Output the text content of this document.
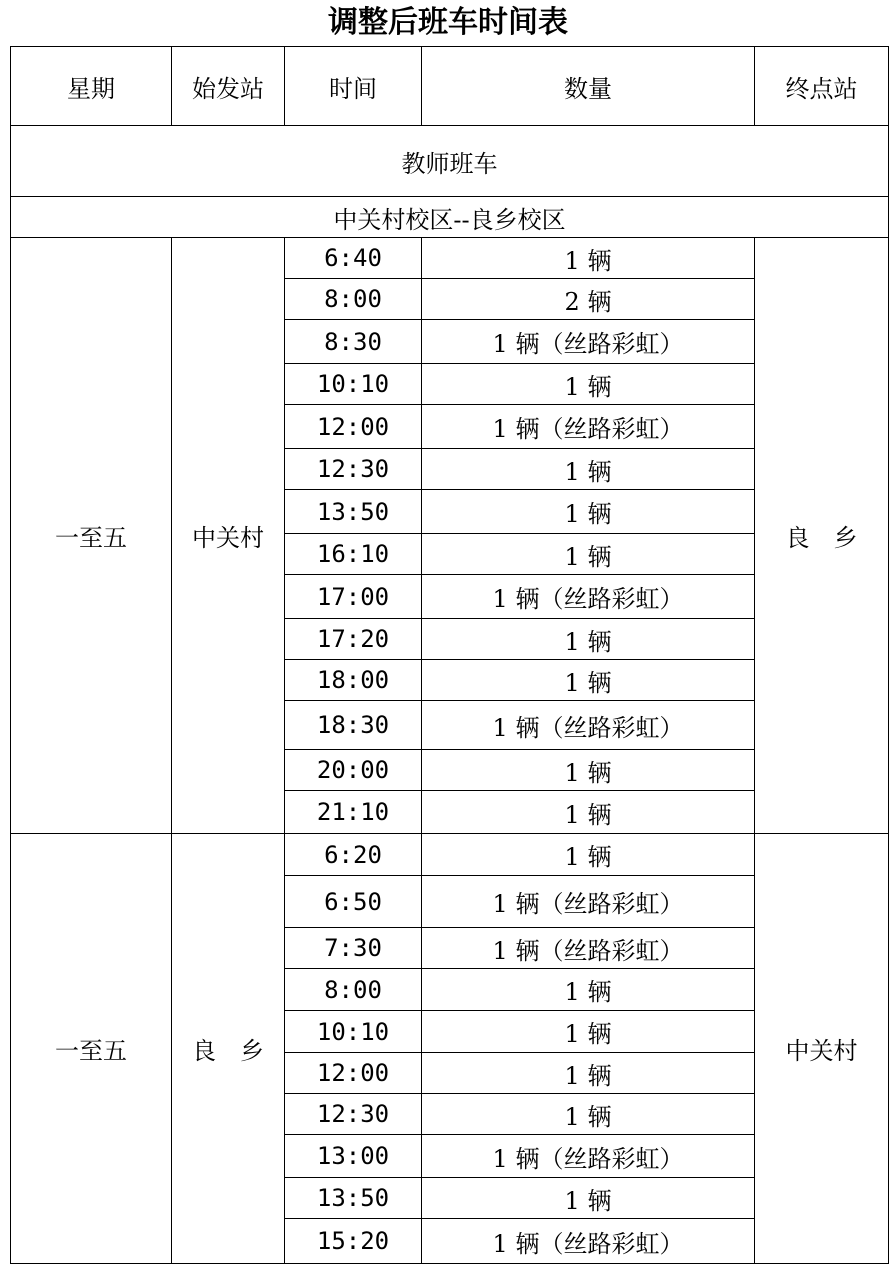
调整后班车时间表
星期	始发站	时间	数量	终点站
教师班车				
中关村校区--良乡校区				
一至五	中关村	6:40	1 辆	良　乡
		8:00	2 辆	
		8:30	1 辆（丝路彩虹）	
		10:10	1 辆	
		12:00	1 辆（丝路彩虹）	
		12:30	1 辆	
		13:50	1 辆	
		16:10	1 辆	
		17:00	1 辆（丝路彩虹）	
		17:20	1 辆	
		18:00	1 辆	
		18:30	1 辆（丝路彩虹）	
		20:00	1 辆	
		21:10	1 辆	
一至五	良　乡	6:20	1 辆	中关村
		6:50	1 辆（丝路彩虹）	
		7:30	1 辆（丝路彩虹）	
		8:00	1 辆	
		10:10	1 辆	
		12:00	1 辆	
		12:30	1 辆	
		13:00	1 辆（丝路彩虹）	
		13:50	1 辆	
		15:20	1 辆（丝路彩虹）	
